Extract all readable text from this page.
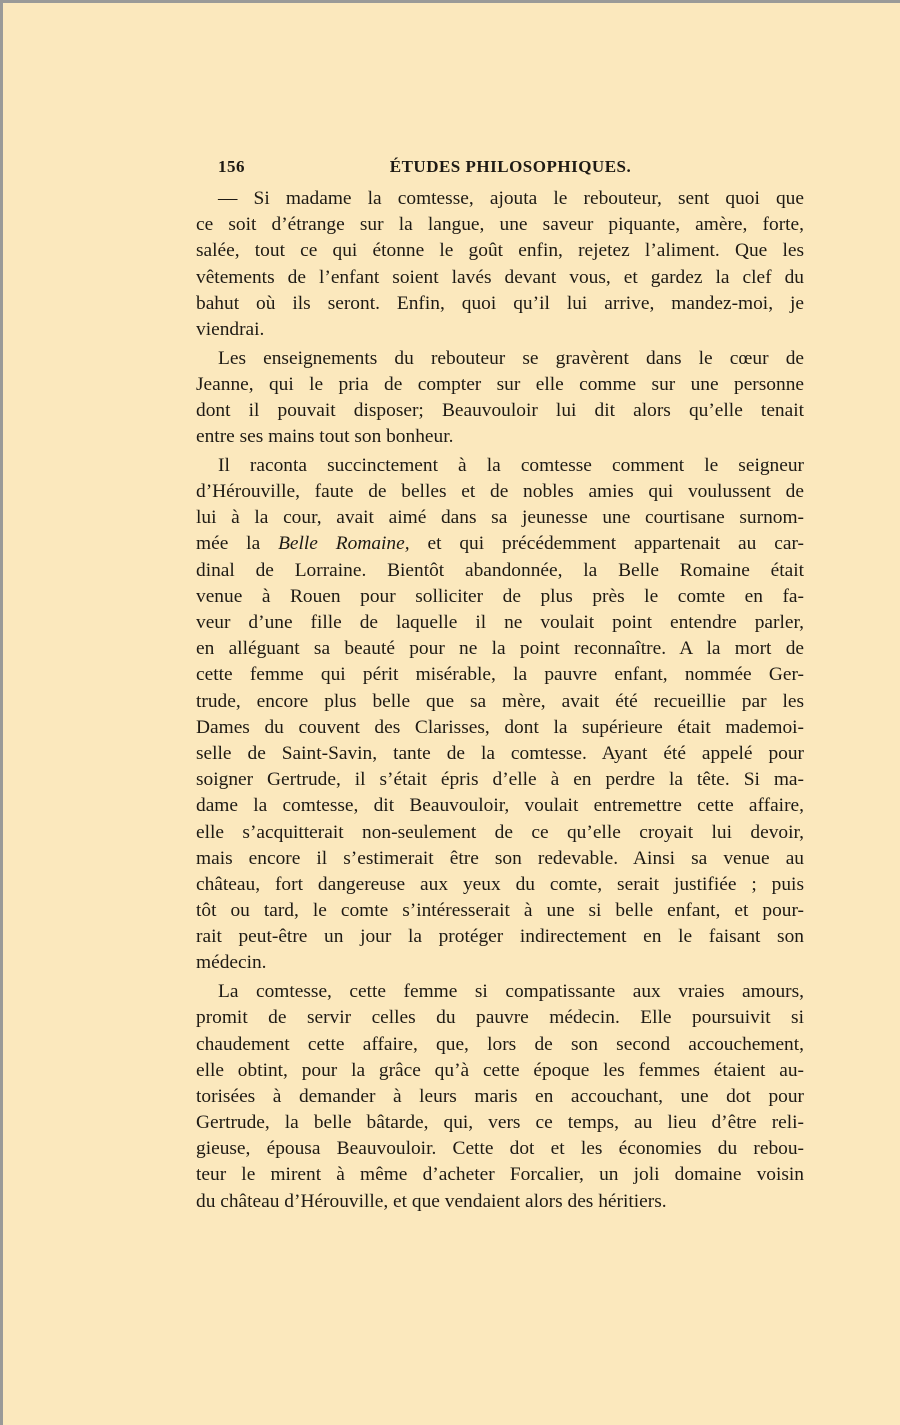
156	ÉTUDES PHILOSOPHIQUES.
— Si madame la comtesse, ajouta le rebouteur, sent quoi que
ce soit d’étrange sur la langue, une saveur piquante, amère, forte,
salée, tout ce qui étonne le goût enfin, rejetez l’aliment. Que les
vêtements de l’enfant soient lavés devant vous, et gardez la clef du
bahut où ils seront. Enfin, quoi qu’il lui arrive, mandez-moi, je
viendrai.
Les enseignements du rebouteur se gravèrent dans le cœur de
Jeanne, qui le pria de compter sur elle comme sur une personne
dont il pouvait disposer; Beauvouloir lui dit alors qu’elle tenait
entre ses mains tout son bonheur.
Il raconta succinctement à la comtesse comment le seigneur
d’Hérouville, faute de belles et de nobles amies qui voulussent de
lui à la cour, avait aimé dans sa jeunesse une courtisane surnom-
mée la Belle Romaine, et qui précédemment appartenait au car-
dinal de Lorraine. Bientôt abandonnée, la Belle Romaine était
venue à Rouen pour solliciter de plus près le comte en fa-
veur d’une fille de laquelle il ne voulait point entendre parler,
en alléguant sa beauté pour ne la point reconnaître. A la mort de
cette femme qui périt misérable, la pauvre enfant, nommée Ger-
trude, encore plus belle que sa mère, avait été recueillie par les
Dames du couvent des Clarisses, dont la supérieure était mademoi-
selle de Saint-Savin, tante de la comtesse. Ayant été appelé pour
soigner Gertrude, il s’était épris d’elle à en perdre la tête. Si ma-
dame la comtesse, dit Beauvouloir, voulait entremettre cette affaire,
elle s’acquitterait non-seulement de ce qu’elle croyait lui devoir,
mais encore il s’estimerait être son redevable. Ainsi sa venue au
château, fort dangereuse aux yeux du comte, serait justifiée ; puis
tôt ou tard, le comte s’intéresserait à une si belle enfant, et pour-
rait peut-être un jour la protéger indirectement en le faisant son
médecin.
La comtesse, cette femme si compatissante aux vraies amours,
promit de servir celles du pauvre médecin. Elle poursuivit si
chaudement cette affaire, que, lors de son second accouchement,
elle obtint, pour la grâce qu’à cette époque les femmes étaient au-
torisées à demander à leurs maris en accouchant, une dot pour
Gertrude, la belle bâtarde, qui, vers ce temps, au lieu d’être reli-
gieuse, épousa Beauvouloir. Cette dot et les économies du rebou-
teur le mirent à même d’acheter Forcalier, un joli domaine voisin
du château d’Hérouville, et que vendaient alors des héritiers.
